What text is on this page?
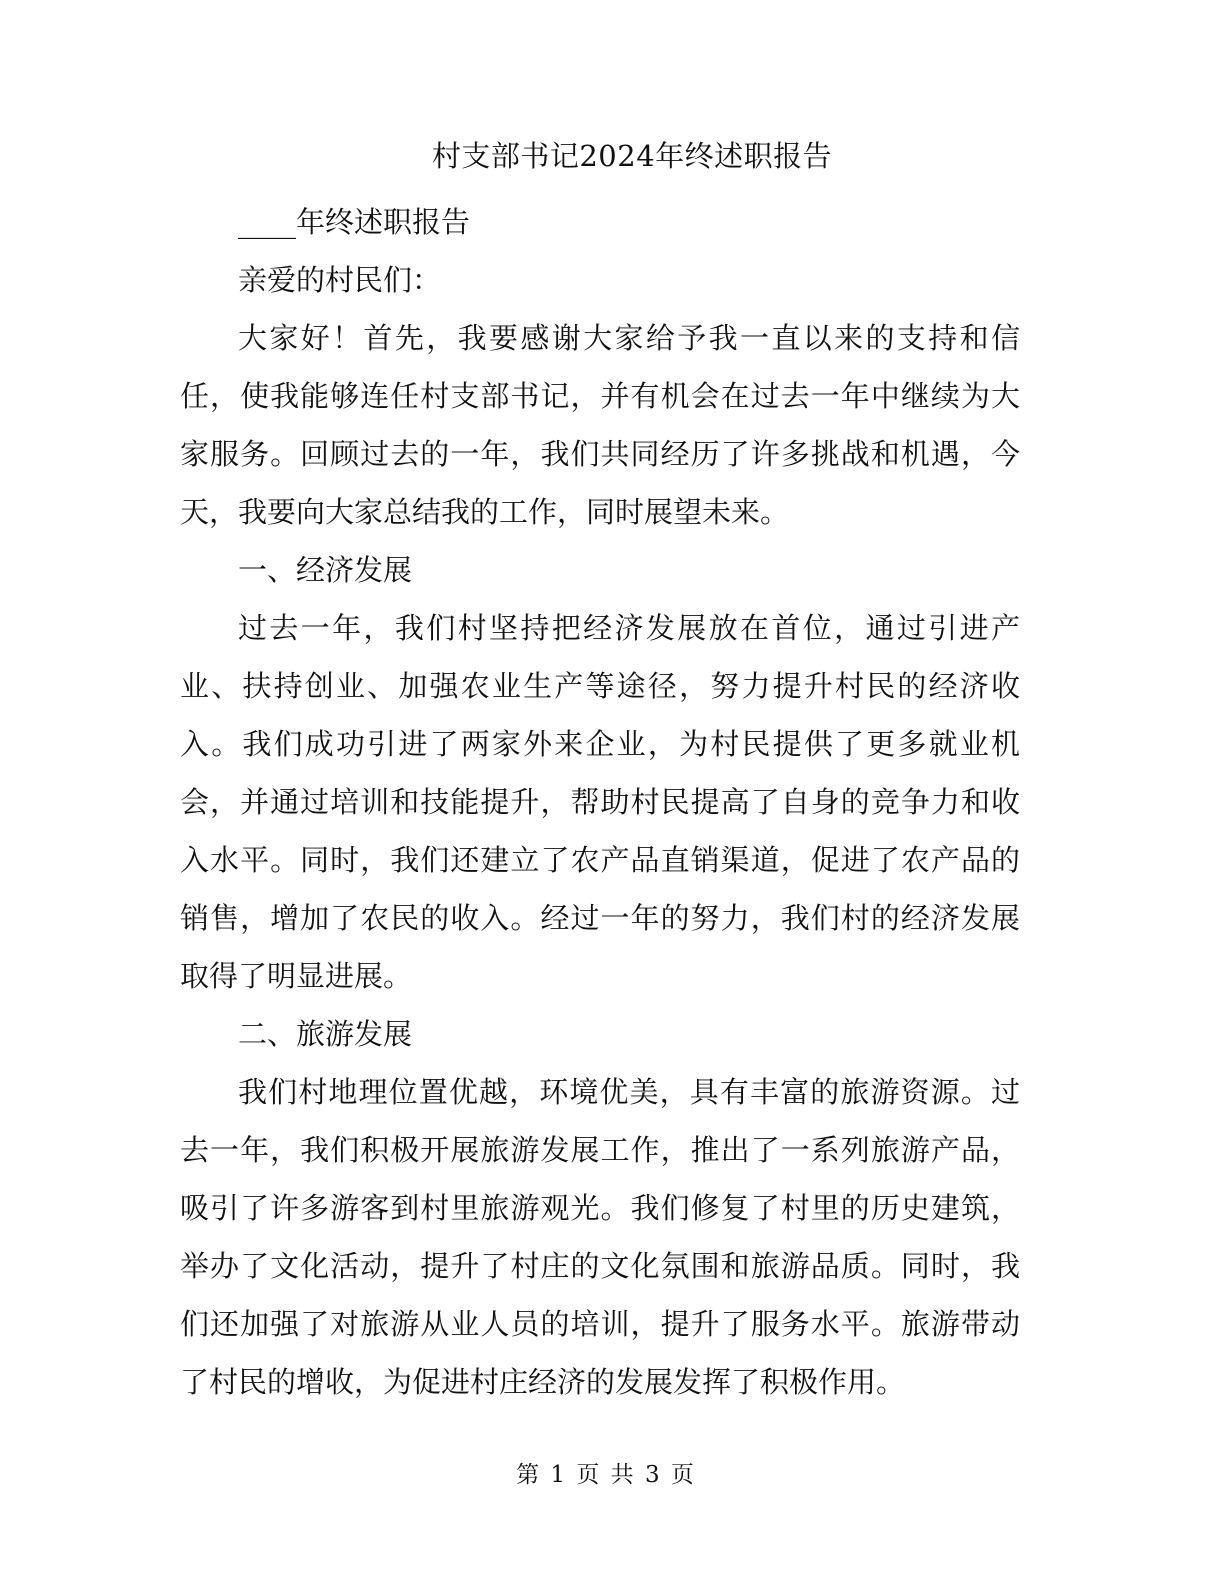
村支部书记2024年终述职报告

____年终述职报告

亲爱的村民们：

大家好！首先，我要感谢大家给予我一直以来的支持和信任，使我能够连任村支部书记，并有机会在过去一年中继续为大家服务。回顾过去的一年，我们共同经历了许多挑战和机遇，今天，我要向大家总结我的工作，同时展望未来。

一、经济发展

过去一年，我们村坚持把经济发展放在首位，通过引进产业、扶持创业、加强农业生产等途径，努力提升村民的经济收入。我们成功引进了两家外来企业，为村民提供了更多就业机会，并通过培训和技能提升，帮助村民提高了自身的竞争力和收入水平。同时，我们还建立了农产品直销渠道，促进了农产品的销售，增加了农民的收入。经过一年的努力，我们村的经济发展取得了明显进展。

二、旅游发展

我们村地理位置优越，环境优美，具有丰富的旅游资源。过去一年，我们积极开展旅游发展工作，推出了一系列旅游产品，吸引了许多游客到村里旅游观光。我们修复了村里的历史建筑，举办了文化活动，提升了村庄的文化氛围和旅游品质。同时，我们还加强了对旅游从业人员的培训，提升了服务水平。旅游带动了村民的增收，为促进村庄经济的发展发挥了积极作用。

第 1 页 共 3 页
